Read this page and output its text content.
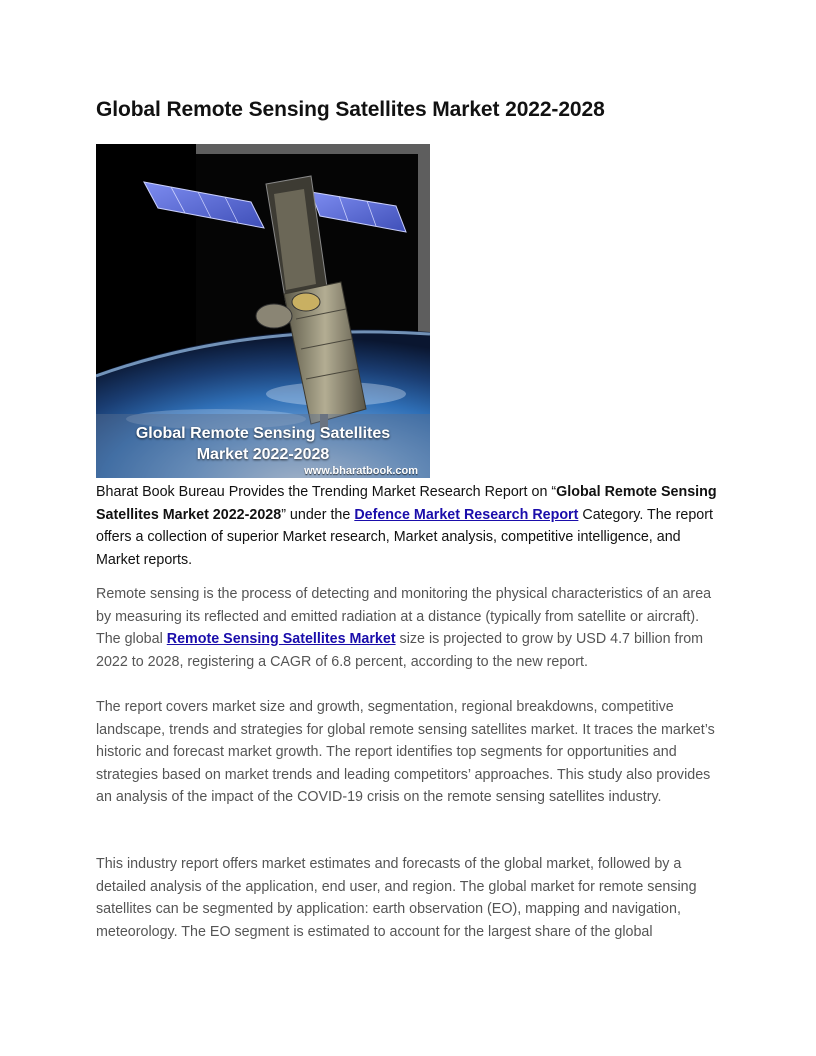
Global Remote Sensing Satellites Market 2022-2028
Global Remote Sensing Satellites
Market 2022-2028
www.bharatbook.com

Bharat Book Bureau Provides the Trending Market Research Report on “Global Remote Sensing Satellites Market 2022-2028” under the Defence Market Research Report Category. The report offers a collection of superior Market research, Market analysis, competitive intelligence, and Market reports.

Remote sensing is the process of detecting and monitoring the physical characteristics of an area by measuring its reflected and emitted radiation at a distance (typically from satellite or aircraft). The global Remote Sensing Satellites Market size is projected to grow by USD 4.7 billion from 2022 to 2028, registering a CAGR of 6.8 percent, according to the new report.

The report covers market size and growth, segmentation, regional breakdowns, competitive landscape, trends and strategies for global remote sensing satellites market. It traces the market’s historic and forecast market growth. The report identifies top segments for opportunities and strategies based on market trends and leading competitors’ approaches. This study also provides an analysis of the impact of the COVID-19 crisis on the remote sensing satellites industry.

This industry report offers market estimates and forecasts of the global market, followed by a detailed analysis of the application, end user, and region. The global market for remote sensing satellites can be segmented by application: earth observation (EO), mapping and navigation, meteorology. The EO segment is estimated to account for the largest share of the global
